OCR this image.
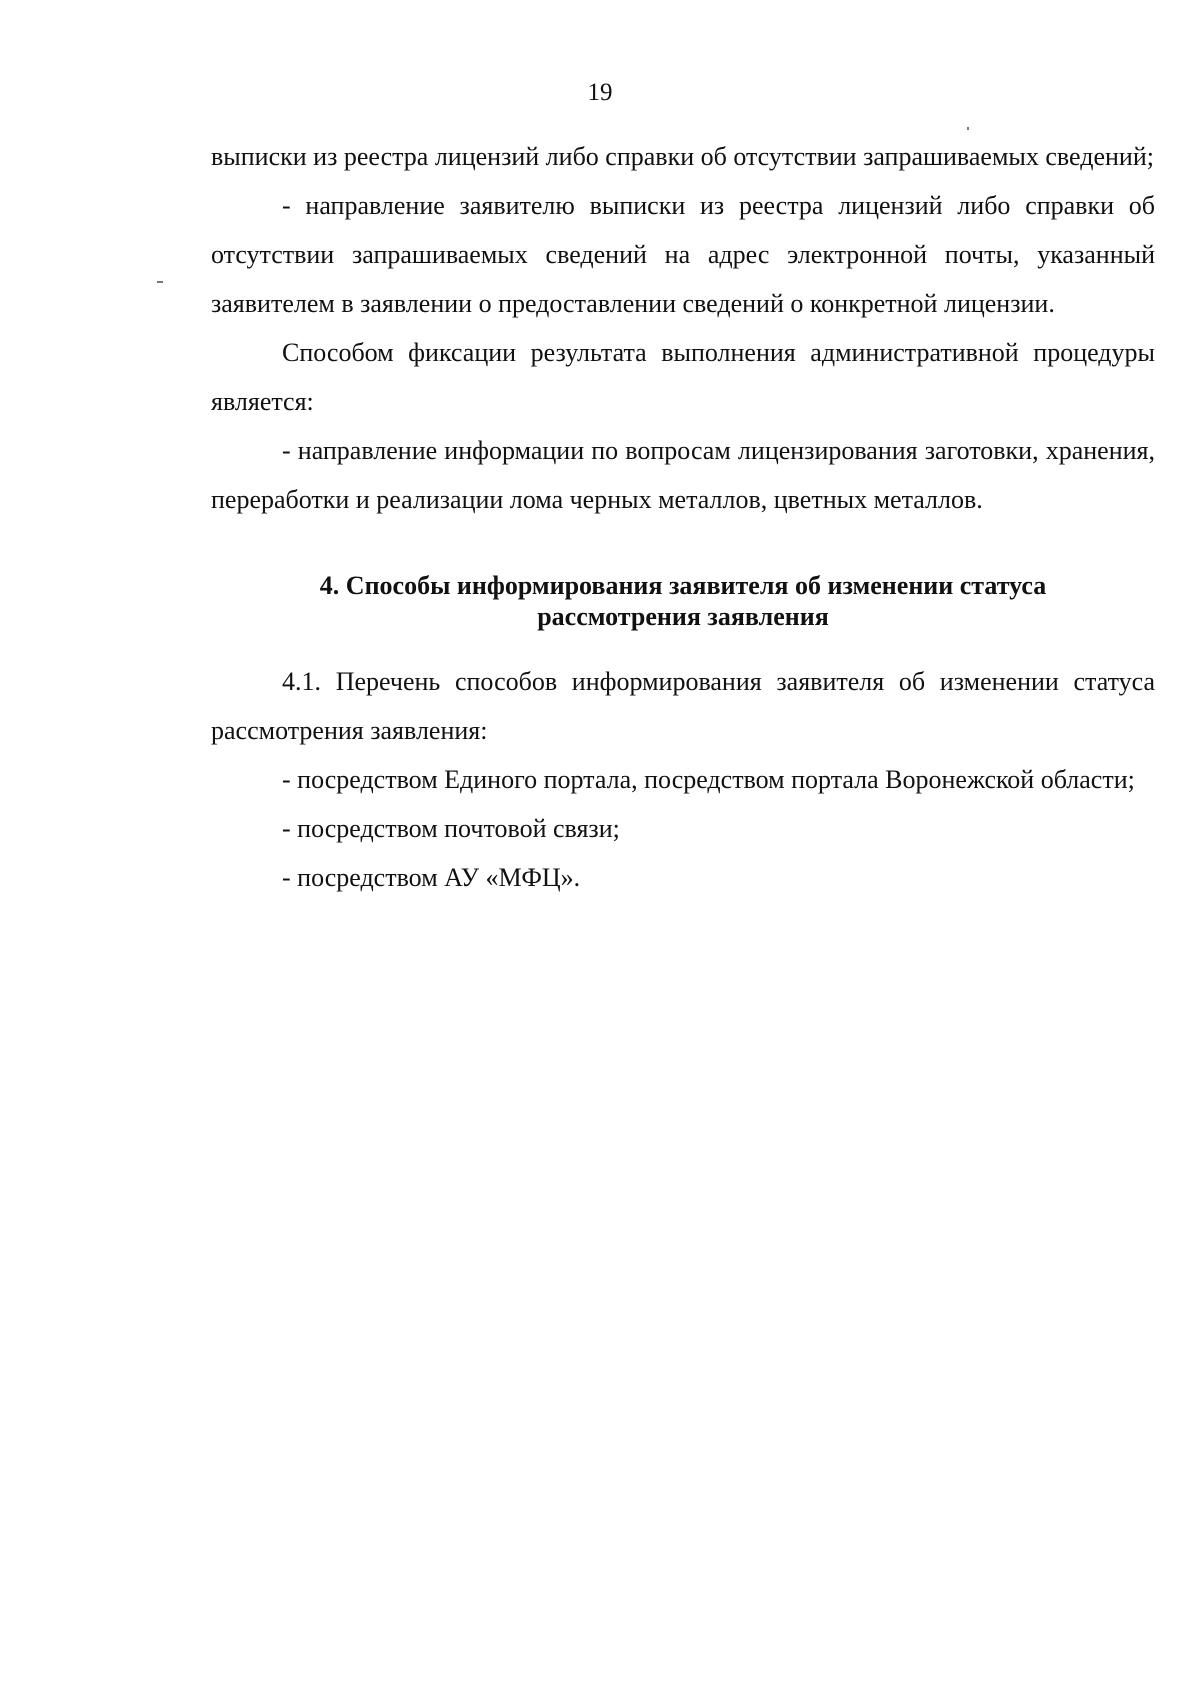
19

выписки из реестра лицензий либо справки об отсутствии запрашиваемых сведений;

- направление заявителю выписки из реестра лицензий либо справки об отсутствии запрашиваемых сведений на адрес электронной почты, указанный заявителем в заявлении о предоставлении сведений о конкретной лицензии.

Способом фиксации результата выполнения административной процедуры является:

- направление информации по вопросам лицензирования заготовки, хранения, переработки и реализации лома черных металлов, цветных металлов.

4. Способы информирования заявителя об изменении статуса рассмотрения заявления

4.1. Перечень способов информирования заявителя об изменении статуса рассмотрения заявления:

- посредством Единого портала, посредством портала Воронежской области;

- посредством почтовой связи;

- посредством АУ «МФЦ».
